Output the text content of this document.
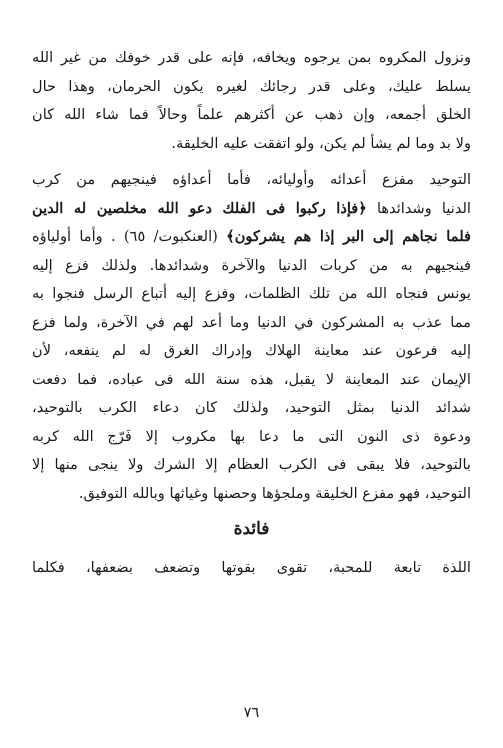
ونزول المكروه بمن يرجوه ويخافه، فإنه على قدر خوفك من غير الله
يسلط عليك، وعلى قدر رجائك لغيره يكون الحرمان، وهذا حال
الخلق أجمعه، وإن ذهب عن أكثرهم علماً وحالاً فما شاء الله كان
ولا بد وما لم يشأ لم يكن، ولو اتفقت عليه الخليقة.
التوحيد مفزع أعدائه وأوليائه، فأما أعداؤه فينجيهم من كرب
الدنيا وشدائدها ﴿فإذا ركبوا فى الفلك دعو الله مخلصين له الدين
فلما نجاهم إلى البر إذا هم يشركون﴾ (العنكبوت/ ٦٥) . وأما أولياؤه
فينجيهم به من كربات الدنيا والآخرة وشدائدها. ولذلك فزع إليه
يونس فنجاه الله من تلك الظلمات، وفزع إليه أتباع الرسل فنجوا به
مما عذب به المشركون في الدنيا وما أعد لهم في الآخرة، ولما فزع
إليه فرعون عند معاينة الهلاك وإدراك الغرق له لم ينفعه، لأن
الإيمان عند المعاينة لا يقبل، هذه سنة الله فى عباده، فما دفعت
شدائد الدنيا بمثل التوحيد، ولذلك كان دعاء الكرب بالتوحيد،
ودعوة ذى النون التى ما دعا بها مكروب إلا فَرّج الله كربه
بالتوحيد، فلا يبقى فى الكرب العظام إلا الشرك ولا ينجى منها إلا
التوحيد، فهو مفزع الخليقة وملجؤها وحصنها وغياثها وبالله التوفيق.
فائدة
اللذة تابعة للمحبة، تقوى بقوتها وتضعف بضعفها، فكلما
٧٦
